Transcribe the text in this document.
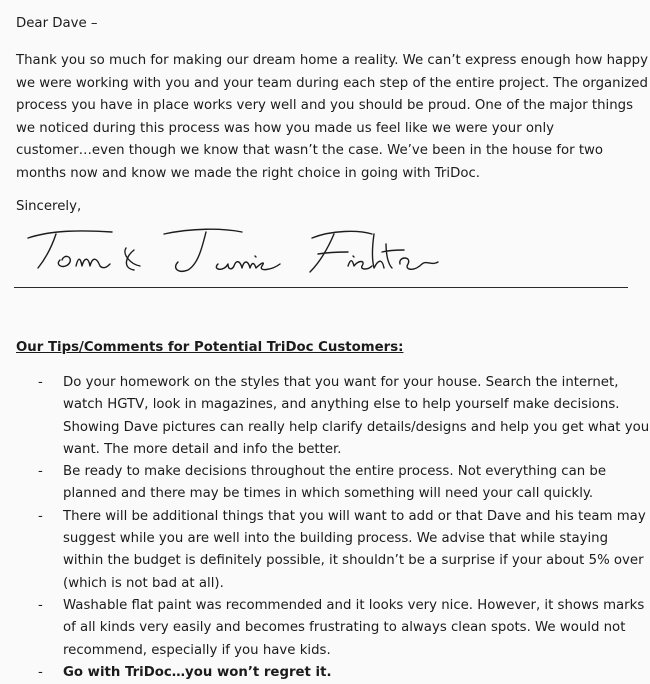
Dear Dave –
Thank you so much for making our dream home a reality. We can’t express enough how happy
we were working with you and your team during each step of the entire project. The organized
process you have in place works very well and you should be proud. One of the major things
we noticed during this process was how you made us feel like we were your only
customer…even though we know that wasn’t the case. We’ve been in the house for two
months now and know we made the right choice in going with TriDoc.
Sincerely,
Our Tips/Comments for Potential TriDoc Customers:
- Do your homework on the styles that you want for your house. Search the internet,
watch HGTV, look in magazines, and anything else to help yourself make decisions.
Showing Dave pictures can really help clarify details/designs and help you get what you
want. The more detail and info the better.
- Be ready to make decisions throughout the entire process. Not everything can be
planned and there may be times in which something will need your call quickly.
- There will be additional things that you will want to add or that Dave and his team may
suggest while you are well into the building process. We advise that while staying
within the budget is definitely possible, it shouldn’t be a surprise if your about 5% over
(which is not bad at all).
- Washable flat paint was recommended and it looks very nice. However, it shows marks
of all kinds very easily and becomes frustrating to always clean spots. We would not
recommend, especially if you have kids.
- Go with TriDoc…you won’t regret it.
